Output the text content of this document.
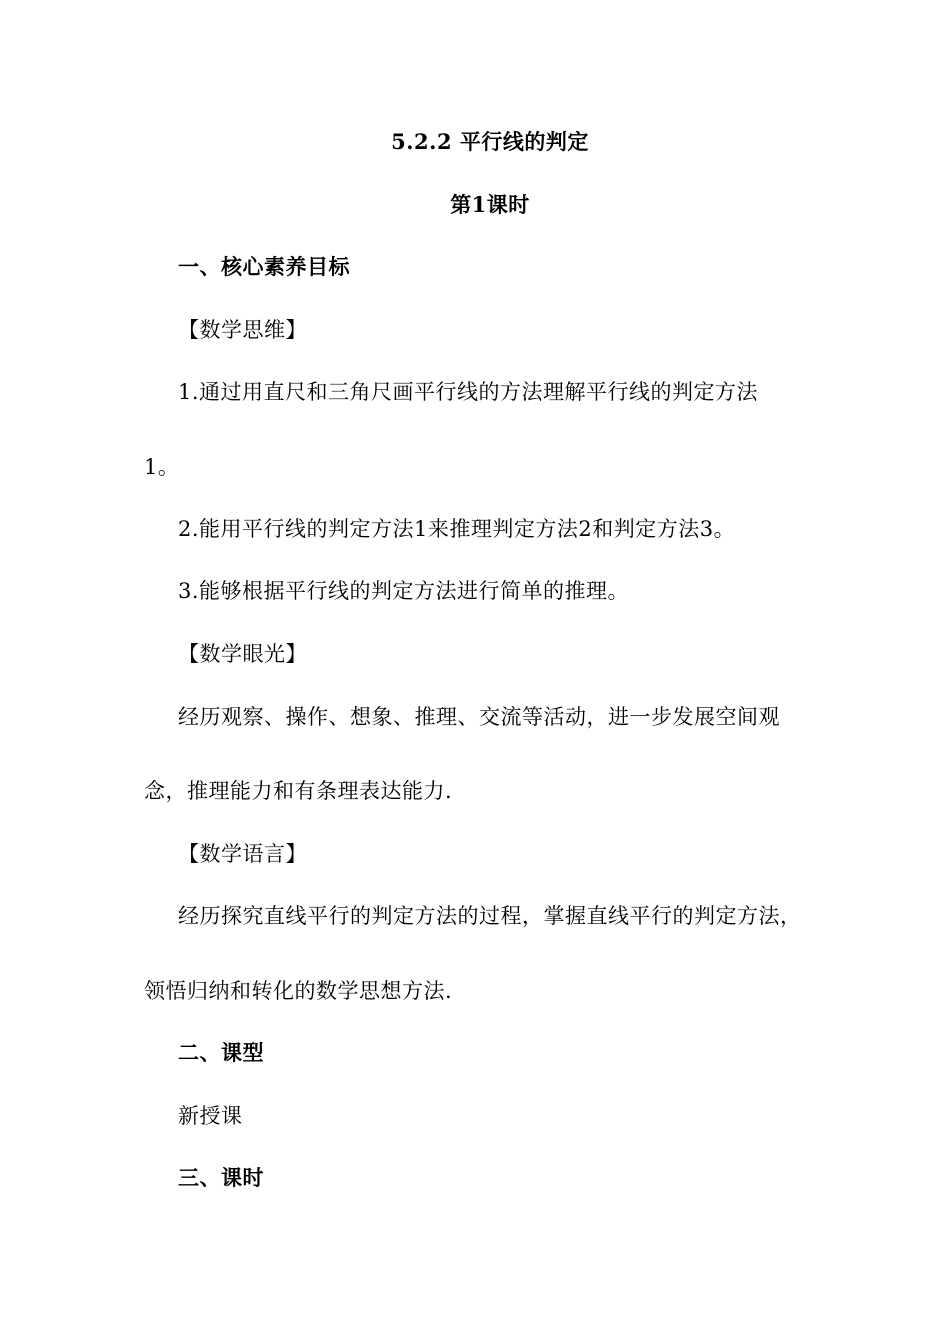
5.2.2 平行线的判定
第1课时
一、核心素养目标
【数学思维】
1.通过用直尺和三角尺画平行线的方法理解平行线的判定方法
1。
2.能用平行线的判定方法1来推理判定方法2和判定方法3。
3.能够根据平行线的判定方法进行简单的推理。
【数学眼光】
经历观察、操作、想象、推理、交流等活动，进一步发展空间观
念，推理能力和有条理表达能力.
【数学语言】
经历探究直线平行的判定方法的过程，掌握直线平行的判定方法，
领悟归纳和转化的数学思想方法.
二、课型
新授课
三、课时
